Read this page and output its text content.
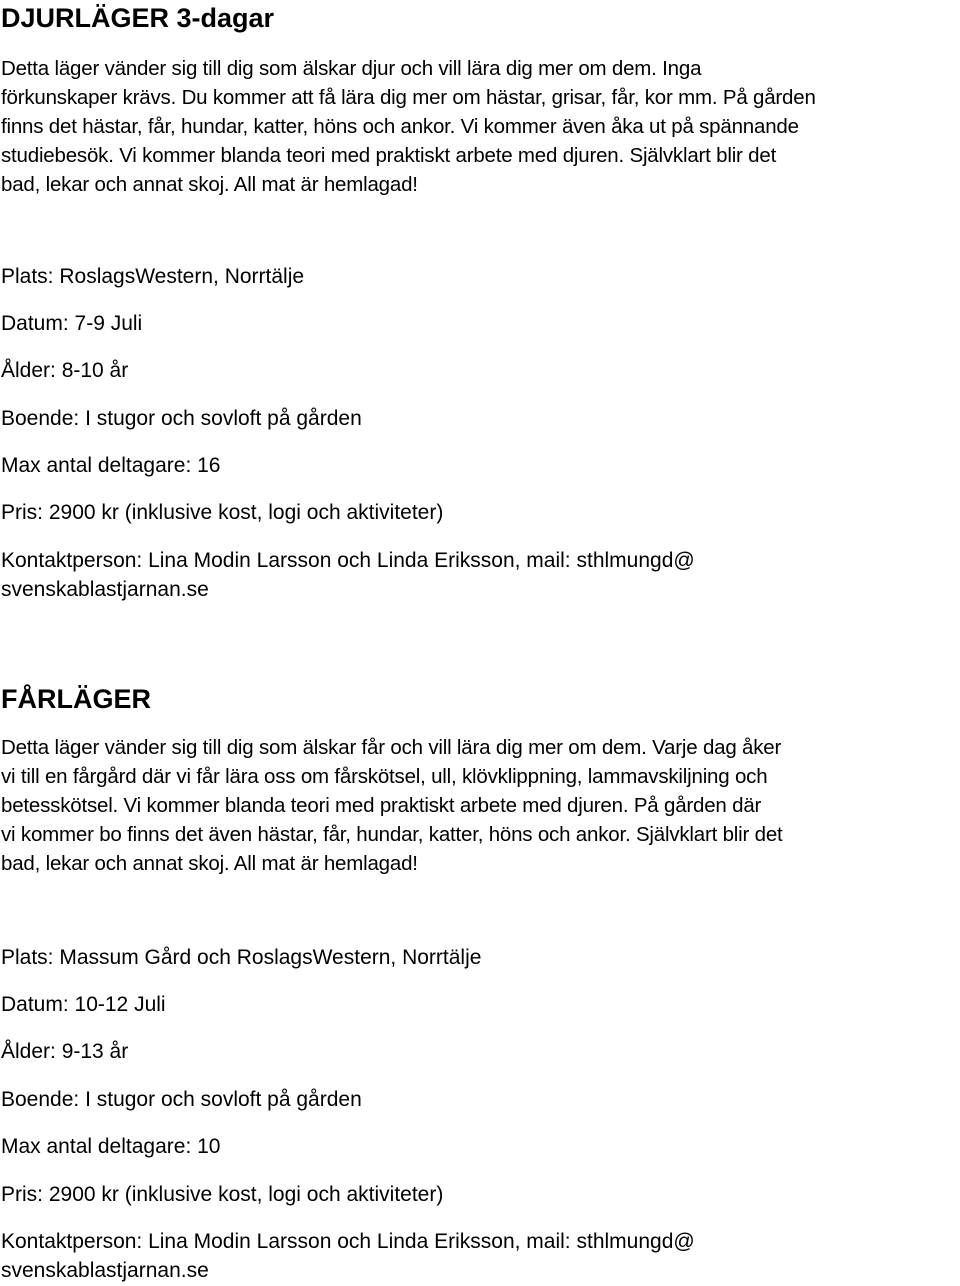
DJURLÄGER 3-dagar

Detta läger vänder sig till dig som älskar djur och vill lära dig mer om dem. Inga
förkunskaper krävs. Du kommer att få lära dig mer om hästar, grisar, får, kor mm. På gården
finns det hästar, får, hundar, katter, höns och ankor. Vi kommer även åka ut på spännande
studiebesök. Vi kommer blanda teori med praktiskt arbete med djuren. Självklart blir det
bad, lekar och annat skoj. All mat är hemlagad!

Plats: RoslagsWestern, Norrtälje

Datum: 7-9 Juli

Ålder: 8-10 år

Boende: I stugor och sovloft på gården

Max antal deltagare: 16

Pris: 2900 kr (inklusive kost, logi och aktiviteter)

Kontaktperson: Lina Modin Larsson och Linda Eriksson, mail: sthlmungd@
svenskablastjarnan.se

FÅRLÄGER

Detta läger vänder sig till dig som älskar får och vill lära dig mer om dem. Varje dag åker
vi till en fårgård där vi får lära oss om fårskötsel, ull, klövklippning, lammavskiljning och
betesskötsel. Vi kommer blanda teori med praktiskt arbete med djuren. På gården där
vi kommer bo finns det även hästar, får, hundar, katter, höns och ankor. Självklart blir det
bad, lekar och annat skoj. All mat är hemlagad!

Plats: Massum Gård och RoslagsWestern, Norrtälje

Datum: 10-12 Juli

Ålder: 9-13 år

Boende: I stugor och sovloft på gården

Max antal deltagare: 10

Pris: 2900 kr (inklusive kost, logi och aktiviteter)

Kontaktperson: Lina Modin Larsson och Linda Eriksson, mail: sthlmungd@
svenskablastjarnan.se
